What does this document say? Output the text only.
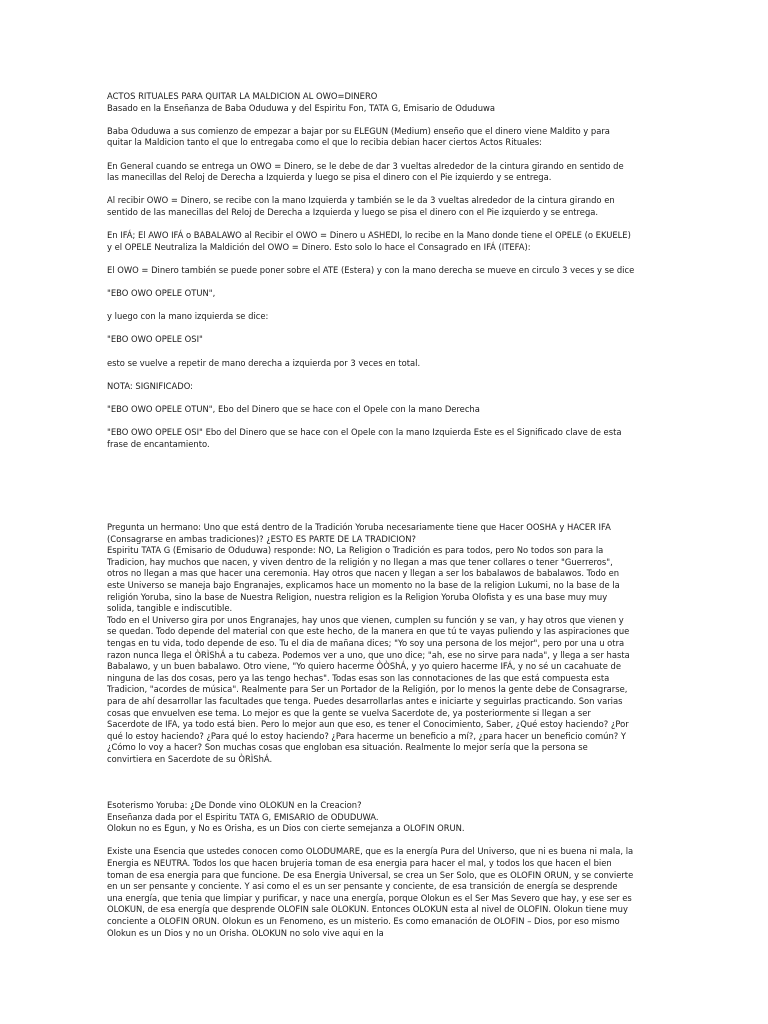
ACTOS RITUALES PARA QUITAR LA MALDICION AL OWO=DINERO

Basado en la Enseñanza de Baba Oduduwa y del Espiritu Fon, TATA G, Emisario de Oduduwa

Baba Oduduwa a sus comienzo de empezar a bajar por su ELEGUN (Medium) enseño que el dinero viene Maldito y para quitar la Maldicion tanto el que lo entregaba como el que lo recibia debian hacer ciertos Actos Rituales:

En General cuando se entrega un OWO = Dinero, se le debe de dar 3 vueltas alrededor de la cintura girando en sentido de las manecillas del Reloj de Derecha a Izquierda y luego se pisa el dinero con el Pie izquierdo y se entrega.

Al recibir OWO = Dinero, se recibe con la mano Izquierda y también se le da 3 vueltas alrededor de la cintura girando en sentido de las manecillas del Reloj de Derecha a Izquierda y luego se pisa el dinero con el Pie izquierdo y se entrega.

En IFÁ; El AWO IFÁ o BABALAWO al Recibir el OWO = Dinero u ASHEDI, lo recibe en la Mano donde tiene el OPELE (o EKUELE) y el OPELE Neutraliza la Maldición del OWO = Dinero. Esto solo lo hace el Consagrado en IFÁ (ITEFA):

El OWO = Dinero también se puede poner sobre el ATE (Estera) y con la mano derecha se mueve en circulo 3 veces y se dice

"EBO OWO OPELE OTUN",

y luego con la mano izquierda se dice:

"EBO OWO OPELE OSI"

esto se vuelve a repetir de mano derecha a izquierda por 3 veces en total.

NOTA: SIGNIFICADO:

"EBO OWO OPELE OTUN", Ebo del Dinero que se hace con el Opele con la mano Derecha

"EBO OWO OPELE OSI" Ebo del Dinero que se hace con el Opele con la mano Izquierda Este es el Significado clave de esta frase de encantamiento.

Pregunta un hermano: Uno que está dentro de la Tradición Yoruba necesariamente tiene que Hacer OOSHA y HACER IFA (Consagrarse en ambas tradiciones)? ¿ESTO ES PARTE DE LA TRADICION?

Espiritu TATA G (Emisario de Oduduwa) responde: NO, La Religion o Tradición es para todos, pero No todos son para la Tradicion, hay muchos que nacen, y viven dentro de la religión y no llegan a mas que tener collares o tener "Guerreros", otros no llegan a mas que hacer una ceremonia. Hay otros que nacen y llegan a ser los babalawos de babalawos. Todo en este Universo se maneja bajo Engranajes, explicamos hace un momento no la base de la religion Lukumi, no la base de la religión Yoruba, sino la base de Nuestra Religion, nuestra religion es la Religion Yoruba Olofista y es una base muy muy solida, tangible e indiscutible.

Todo en el Universo gira por unos Engranajes, hay unos que vienen, cumplen su función y se van, y hay otros que vienen y se quedan. Todo depende del material con que este hecho, de la manera en que tú te vayas puliendo y las aspiraciones que tengas en tu vida, todo depende de eso. Tu el dia de mañana dices; "Yo soy una persona de los mejor", pero por una u otra razon nunca llega el ÒRÌShÁ a tu cabeza. Podemos ver a uno, que uno dice; "ah, ese no sirve para nada", y llega a ser hasta Babalawo, y un buen babalawo. Otro viene, "Yo quiero hacerme ÒÒShÁ, y yo quiero hacerme IFÁ, y no sé un cacahuate de ninguna de las dos cosas, pero ya las tengo hechas". Todas esas son las connotaciones de las que está compuesta esta Tradicion, "acordes de música". Realmente para Ser un Portador de la Religión, por lo menos la gente debe de Consagrarse, para de ahí desarrollar las facultades que tenga. Puedes desarrollarlas antes e iniciarte y seguirlas practicando. Son varias cosas que envuelven ese tema. Lo mejor es que la gente se vuelva Sacerdote de, ya posteriormente si llegan a ser Sacerdote de IFA, ya todo está bien. Pero lo mejor aun que eso, es tener el Conocimiento, Saber, ¿Qué estoy haciendo? ¿Por qué lo estoy haciendo? ¿Para qué lo estoy haciendo? ¿Para hacerme un beneficio a mí?, ¿para hacer un beneficio común? Y ¿Cómo lo voy a hacer? Son muchas cosas que engloban esa situación. Realmente lo mejor sería que la persona se convirtiera en Sacerdote de su ÒRÌShÁ.

Esoterismo Yoruba: ¿De Donde vino OLOKUN en la Creacion?

Enseñanza dada por el Espiritu TATA G, EMISARIO de ODUDUWA.

Olokun no es Egun, y No es Orisha, es un Dios con cierte semejanza a OLOFIN ORUN.

Existe una Esencia que ustedes conocen como OLODUMARE, que es la energía Pura del Universo, que ni es buena ni mala, la Energia es NEUTRA. Todos los que hacen brujeria toman de esa energia para hacer el mal, y todos los que hacen el bien toman de esa energia para que funcione. De esa Energia Universal, se crea un Ser Solo, que es OLOFIN ORUN, y se convierte en un ser pensante y conciente. Y asi como el es un ser pensante y conciente, de esa transición de energía se desprende una energía, que tenia que limpiar y purificar, y nace una energía, porque Olokun es el Ser Mas Severo que hay, y ese ser es OLOKUN, de esa energía que desprende OLOFIN sale OLOKUN. Entonces OLOKUN esta al nivel de OLOFIN. Olokun tiene muy conciente a OLOFIN ORUN. Olokun es un Fenomeno, es un misterio. Es como emanación de OLOFIN – Dios, por eso mismo Olokun es un Dios y no un Orisha. OLOKUN no solo vive aqui en la
